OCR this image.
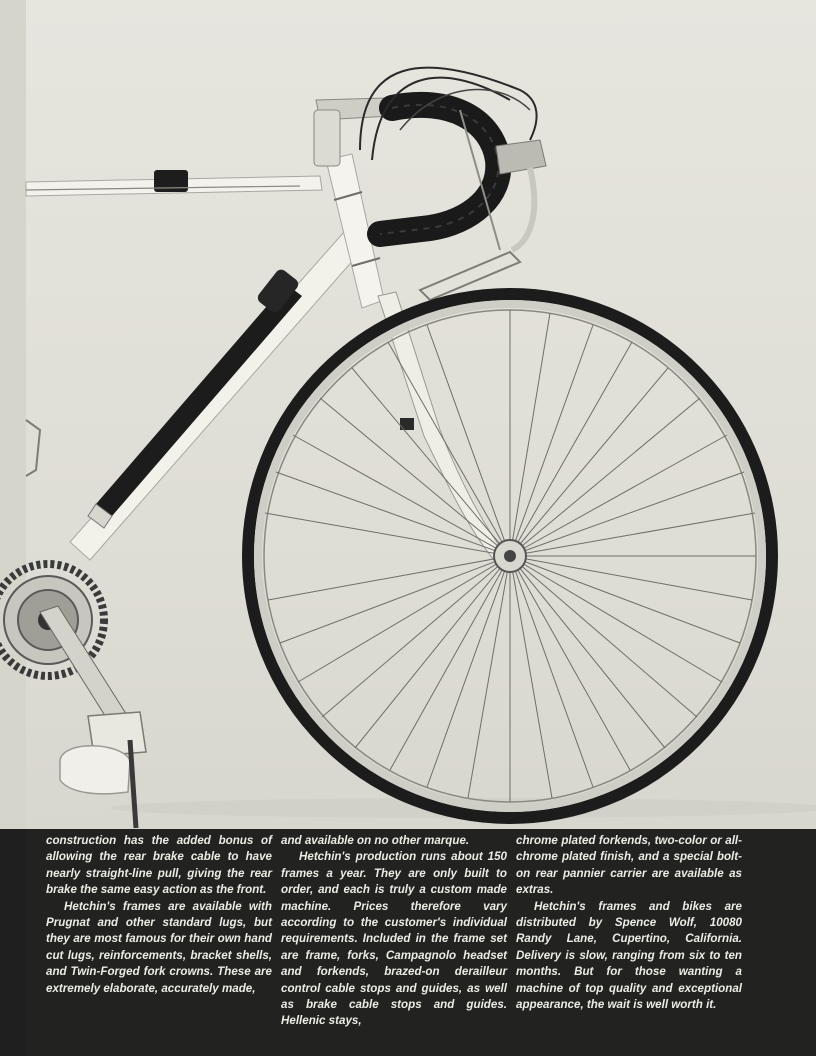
construction has the added bonus of allowing the rear brake cable to have nearly straight-line pull, giving the rear brake the same easy action as the front.

Hetchin's frames are available with Prugnat and other standard lugs, but they are most famous for their own hand cut lugs, reinforcements, bracket shells, and Twin-Forged fork crowns. These are extremely elaborate, accurately made,

and available on no other marque.

Hetchin's production runs about 150 frames a year. They are only built to order, and each is truly a custom made machine. Prices therefore vary according to the customer's individual requirements. Included in the frame set are frame, forks, Campagnolo headset and forkends, brazed-on derailleur control cable stops and guides, as well as brake cable stops and guides. Hellenic stays,

chrome plated forkends, two-color or all-chrome plated finish, and a special bolt-on rear pannier carrier are available as extras.

Hetchin's frames and bikes are distributed by Spence Wolf, 10080 Randy Lane, Cupertino, California. Delivery is slow, ranging from six to ten months. But for those wanting a machine of top quality and exceptional appearance, the wait is well worth it.
